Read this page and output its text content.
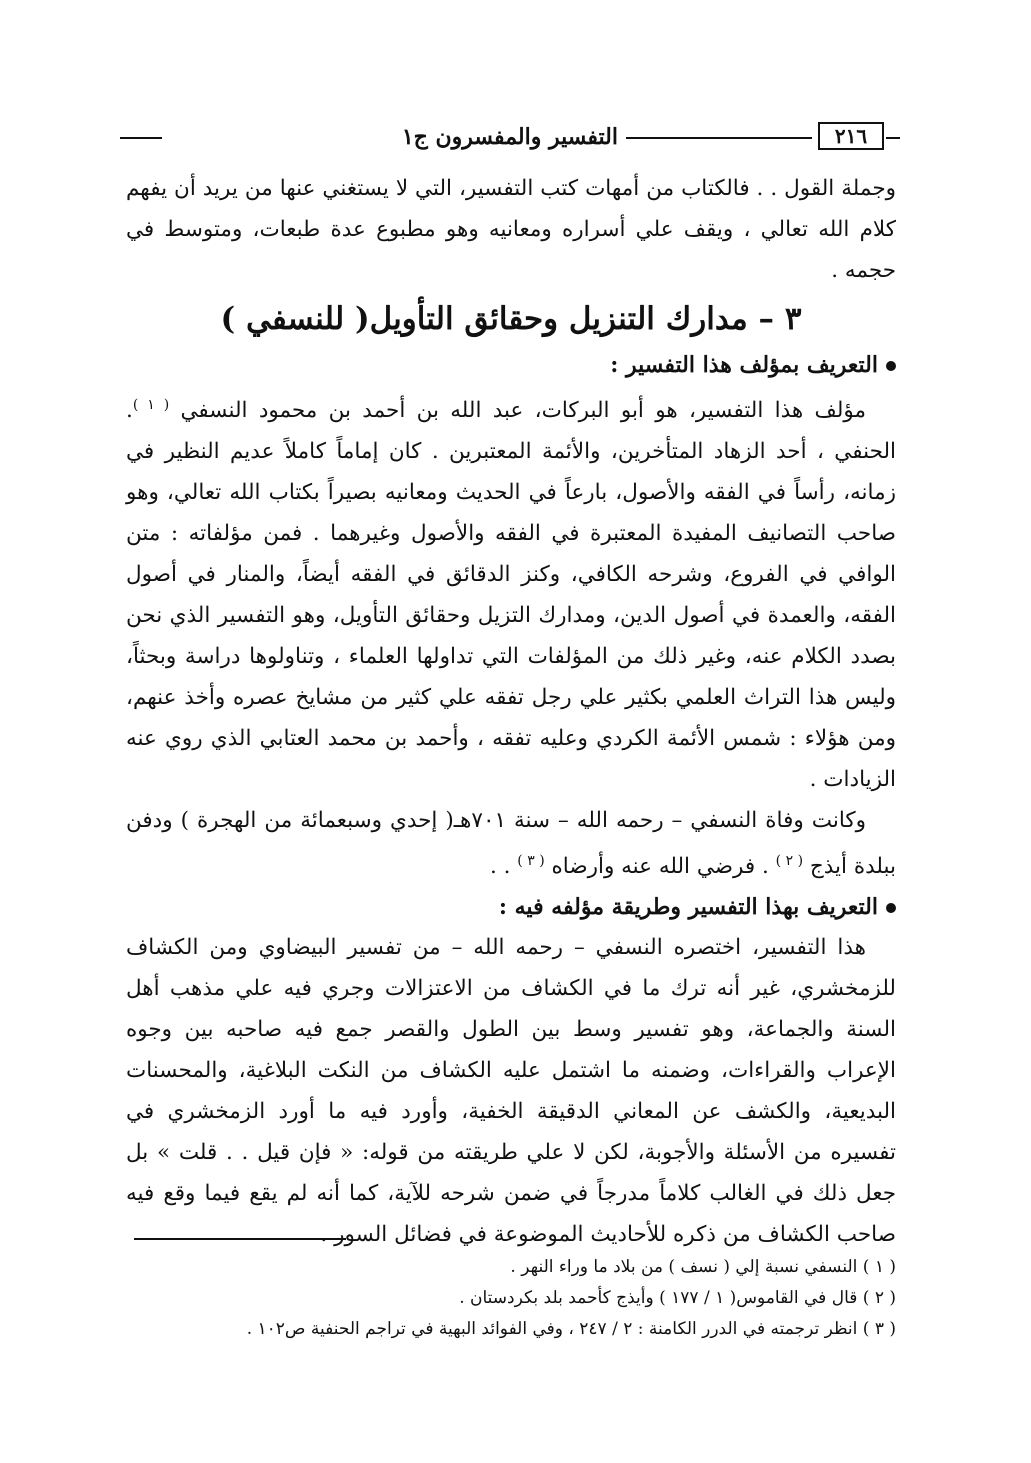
٢١٦
التفسير والمفسرون ج١

وجملة القول . . فالكتاب من أمهات كتب التفسير، التي لا يستغني عنها من يريد أن يفهم كلام الله تعالي ، ويقف علي أسراره ومعانيه وهو مطبوع عدة طبعات، ومتوسط في حجمه .

٣ – مدارك التنزيل وحقائق التأويل( للنسفي )
التعريف بمؤلف هذا التفسير :

مؤلف هذا التفسير، هو أبو البركات، عبد الله بن أحمد بن محمود النسفي $^{( ١ )}$. الحنفي ، أحد الزهاد المتأخرين، والأئمة المعتبرين . كان إماماً كاملاً عديم النظير في زمانه، رأساً في الفقه والأصول، بارعاً في الحديث ومعانيه بصيراً بكتاب الله تعالي، وهو صاحب التصانيف المفيدة المعتبرة في الفقه والأصول وغيرهما . فمن مؤلفاته : متن الوافي في الفروع، وشرحه الكافي، وكنز الدقائق في الفقه أيضاً، والمنار في أصول الفقه، والعمدة في أصول الدين، ومدارك التزيل وحقائق التأويل، وهو التفسير الذي نحن بصدد الكلام عنه، وغير ذلك من المؤلفات التي تداولها العلماء ، وتناولوها دراسة وبحثاً، وليس هذا التراث العلمي بكثير علي رجل تفقه علي كثير من مشايخ عصره وأخذ عنهم، ومن هؤلاء : شمس الأئمة الكردي وعليه تفقه ، وأحمد بن محمد العتابي الذي روي عنه الزيادات .

وكانت وفاة النسفي – رحمه الله – سنة ٧٠١هـ( إحدي وسبعمائة من الهجرة ) ودفن ببلدة أيذج $^{( ٢ )}$ . فرضي الله عنه وأرضاه $^{( ٣ )}$ . .

التعريف بهذا التفسير وطريقة مؤلفه فيه :

هذا التفسير، اختصره النسفي – رحمه الله – من تفسير البيضاوي ومن الكشاف للزمخشري، غير أنه ترك ما في الكشاف من الاعتزالات وجري فيه علي مذهب أهل السنة والجماعة، وهو تفسير وسط بين الطول والقصر جمع فيه صاحبه بين وجوه الإعراب والقراءات، وضمنه ما اشتمل عليه الكشاف من النكت البلاغية، والمحسنات البديعية، والكشف عن المعاني الدقيقة الخفية، وأورد فيه ما أورد الزمخشري في تفسيره من الأسئلة والأجوبة، لكن لا علي طريقته من قوله: « فإن قيل . . قلت » بل جعل ذلك في الغالب كلاماً مدرجاً في ضمن شرحه للآية، كما أنه لم يقع فيما وقع فيه صاحب الكشاف من ذكره للأحاديث الموضوعة في فضائل السور .

( ١ ) النسفي نسبة إلي ( نسف ) من بلاد ما وراء النهر .

( ٢ ) قال في القاموس( ١ / ١٧٧ ) وأيذج كأحمد بلد بكردستان .

( ٣ ) انظر ترجمته في الدرر الكامنة : ٢ / ٢٤٧ ، وفي الفوائد البهية في تراجم الحنفية ص١٠٢ .
